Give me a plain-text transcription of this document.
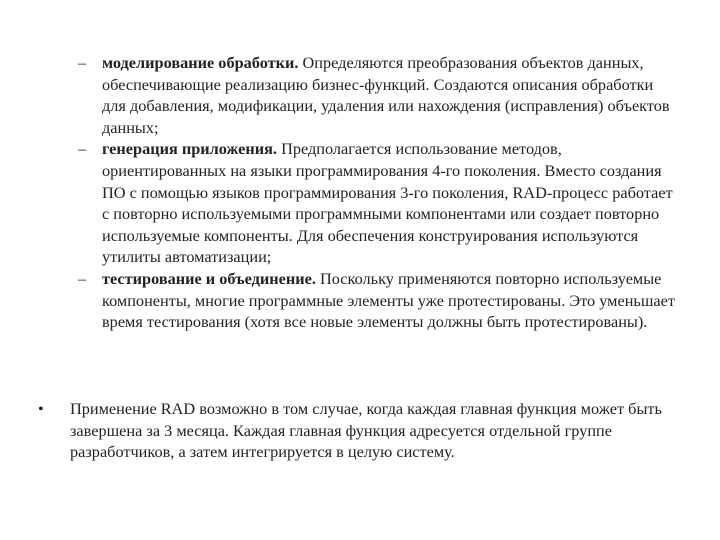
– моделирование обработки. Определяются преобразования объектов данных, обеспечивающие реализацию бизнес-функций. Создаются описания обработки для добавления, модификации, удаления или нахождения (исправления) объектов данных;
– генерация приложения. Предполагается использование методов, ориентированных на языки программирования 4-го поколения. Вместо создания ПО с помощью языков программирования 3-го поколения, RAD-процесс работает с повторно используемыми программными компонентами или создает повторно используемые компоненты. Для обеспечения конструирования используются утилиты автоматизации;
– тестирование и объединение. Поскольку применяются повторно используемые компоненты, многие программные элементы уже протестированы. Это уменьшает время тестирования (хотя все новые элементы должны быть протестированы).
• Применение RAD возможно в том случае, когда каждая главная функция может быть завершена за 3 месяца. Каждая главная функция адресуется отдельной группе разработчиков, а затем интегрируется в целую систему.
